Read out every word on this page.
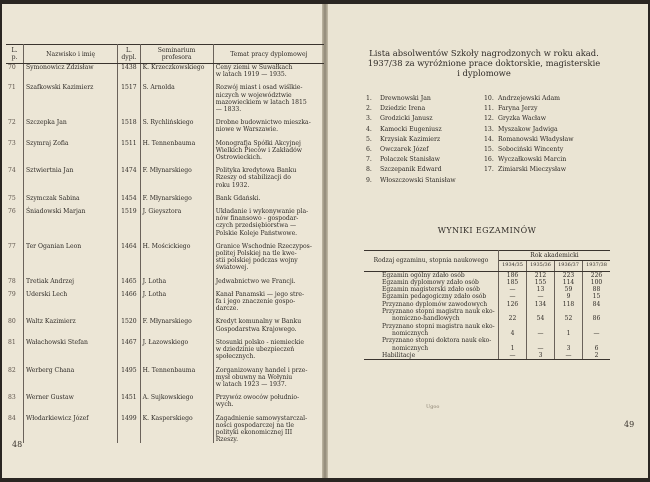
L. p.	Nazwisko i imię	L. dypl.	Seminarium profesora	Temat pracy dyplomowej
70	Symonowicz Zdzisław	1438	K. Krzeczkowskiego	Ceny ziemi w Suwałkach
w latach 1919 — 1935.

71	Szafkowski Kazimierz	1517	S. Arnolda	Rozwój miast i osad wiślkie-
niczych w województwie
mazowieckiem w latach 1815
— 1833.

72	Szczepka Jan	1518	S. Rychlińskiego	Drobne budownictwo mieszka-
niowe w Warszawie.

73	Szymraj Zofia	1511	H. Tennenbauma	Monografja Spółki Akcyjnej
Wielkich Pieców i Zakładów
Ostrowieckich.

74	Sztwiertnia Jan	1474	F. Młynarskiego	Polityka kredytowa Banku
Rzeszy od stabilizacji do
roku 1932.

75	Szymczak Sabina	1454	F. Młynarskiego	Bank Gdański.

76	Śniadowski Marjan	1519	J. Gieysztora	Układanie i wykonywanie pla-
nów finansowo - gospodar-
czych przedsiębiorstwa —
Polskie Koleje Państwowe.

77	Ter Oganian Leon	1464	H. Mościckiego	Granice Wschodnie Rzeczypos-
politej Polskiej na tle kwe-
stii polskiej podczas wojny
światowej.

78	Tretiak Andrzej	1465	J. Lotha	Jedwabnictwo we Francji.

79	Uderski Lech	1466	J. Lotha	Kanał Panamski — jego stre-
fa i jego znaczenie gospo-
darcze.

80	Waltz Kazimierz	1520	F. Młynarskiego	Kredyt komunalny w Banku
Gospodarstwa Krajowego.

81	Wałachowski Stefan	1467	J. Łazowskiego	Stosunki polsko - niemieckie
w dziedzinie ubezpieczeń
społecznych.

82	Werberg Chana	1495	H. Tennenbauma	Zorganizowany handel i prze-
mysł obuwny na Wołyniu
w latach 1923 — 1937.

83	Werner Gustaw	1451	A. Sujkowskiego	Przywóz owoców południo-
wych.

84	Włodarkiewicz Józef	1499	K. Kasperskiego	Zagadnienie samowystarczal-
ności gospodarczej na tle
polityki ekonomicznej III
Rzeszy.
48
Lista absolwentów Szkoły nagrodzonych w roku akad.
1937/38 za wyróżnione prace doktorskie, magisterskie
i dyplomowe
1. Drewnowski Jan
2. Dziedzic Irena
3. Grodzicki Janusz
4. Kamocki Eugeniusz
5. Krzysiak Kazimierz
6. Owczarek Józef
7. Polaczek Stanisław
8. Szczepanik Edward
9. Włoszczowski Stanisław
10. Andrzejewski Adam
11. Faryna Jerzy
12. Gryzka Wacław
13. Myszakow Jadwiga
14. Romanowski Władysław
15. Sobociński Wincenty
16. Wyczałkowski Marcin
17. Zimiarski Mieczysław
WYNIKI EGZAMINÓW
Rodzaj egzaminu, stopnia naukowego	Rok akademicki			
	1934/35	1935/36	1936/37	1937/38

Egzamin ogólny zdało osób	186	212	223	226

Egzamin dyplomowy zdało osób	185	155	114	100

Egzamin magisterski zdało osób	—	13	59	88

Egzamin pedagogiczny zdało osób	—	—	9	15

Przyznano dyplomów zawodowych	126	134	118	84

Przyznano stopni magistra nauk eko-
nomiczno-handlowych	22	54	52	86

Przyznano stopni magistra nauk eko-
nomicznych	4	—	1	—

Przyznano stopni doktora nauk eko-
nomicznych	1	—	3	6

Habilitacje	—	3	—	2
Ugoo
49
